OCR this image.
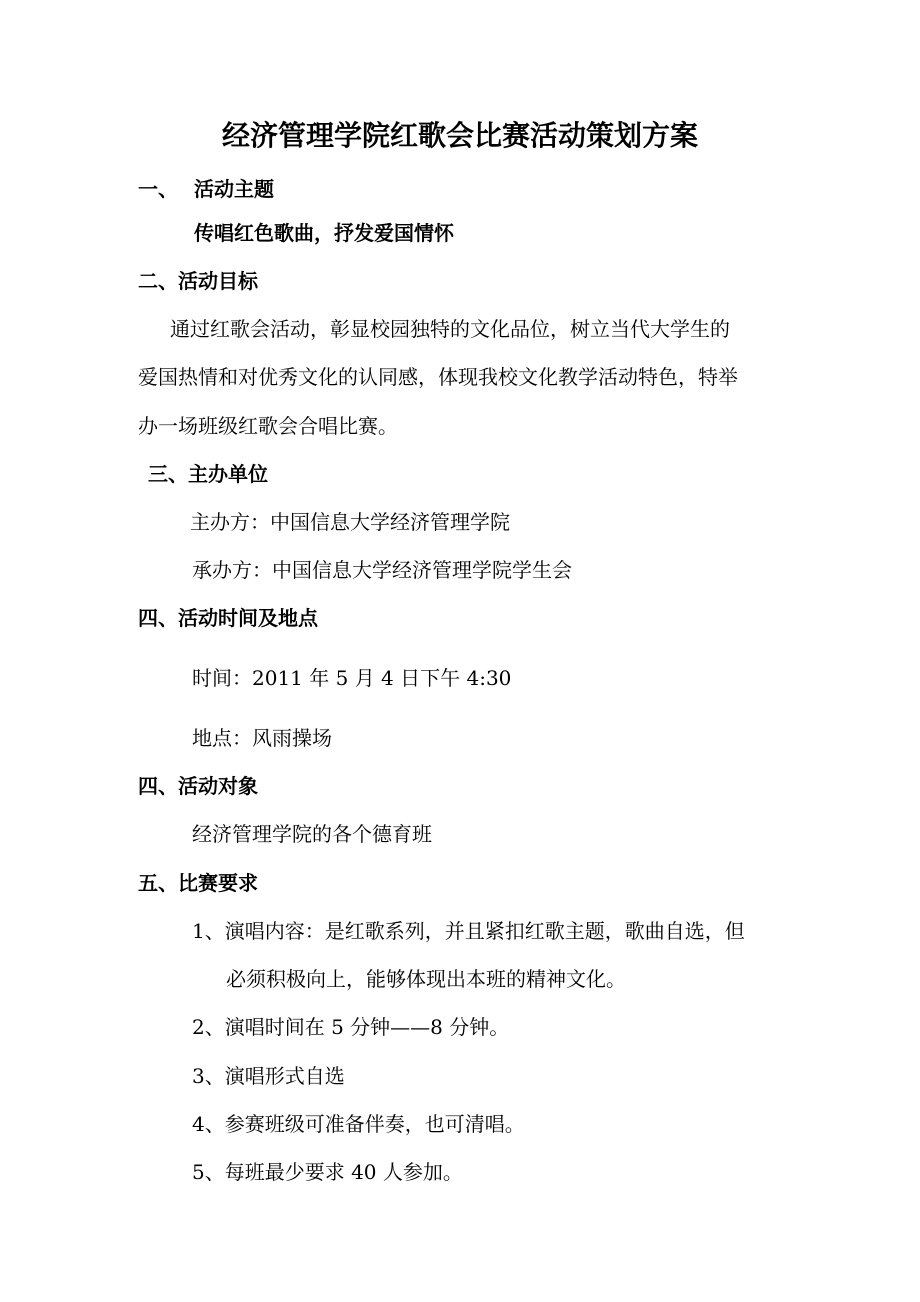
经济管理学院红歌会比赛活动策划方案
一、 活动主题
传唱红色歌曲，抒发爱国情怀
二、活动目标
通过红歌会活动，彰显校园独特的文化品位，树立当代大学生的
爱国热情和对优秀文化的认同感，体现我校文化教学活动特色，特举
办一场班级红歌会合唱比赛。
三、主办单位
主办方：中国信息大学经济管理学院
承办方：中国信息大学经济管理学院学生会
四、活动时间及地点
时间：2011 年 5 月 4 日下午 4:30
地点：风雨操场
四、活动对象
经济管理学院的各个德育班
五、比赛要求
1、演唱内容：是红歌系列，并且紧扣红歌主题，歌曲自选，但
必须积极向上，能够体现出本班的精神文化。
2、演唱时间在 5 分钟——8 分钟。
3、演唱形式自选
4、参赛班级可准备伴奏，也可清唱。
5、每班最少要求 40 人参加。
